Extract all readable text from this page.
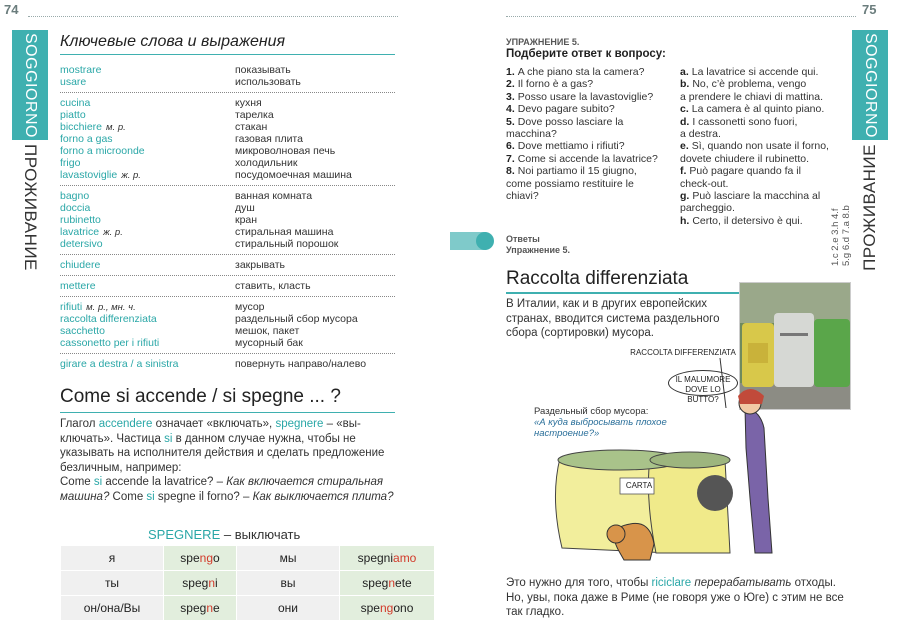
74
SOGGIORNO
ПРОЖИВАНИЕ
Ключевые слова и выражения
mostrare	показывать
usare	использовать
cucina	кухня
piatto	тарелка
bicchiere м. р.	стакан
forno a gas	газовая плита
forno a microonde	микроволновая печь
frigo	холодильник
lavastoviglie ж. р.	посудомоечная машина
bagno	ванная комната
doccia	душ
rubinetto	кран
lavatrice ж. р.	стиральная машина
detersivo	стиральный порошок
chiudere	закрывать
mettere	ставить, класть
rifiuti м. р., мн. ч.	мусор
raccolta differenziata	раздельный сбор мусора
sacchetto	мешок, пакет
cassonetto per i rifiuti	мусорный бак
girare a destra / a sinistra	повернуть направо/налево
Come si accende / si spegne ... ?
Глагол accendere означает «включать», spegnere – «вы-ключать». Частица si в данном случае нужна, чтобы не указывать на исполнителя действия и сделать предложение безличным, например:
Come si accende la lavatrice? – Как включается стиральная машина? Come si spegne il forno? – Как выключается плита?
SPEGNERE – выключать
я	spengo	мы	spegniamo
ты	spegni	вы	spegnete
он/она/Вы	spegne	они	spengono
75
SOGGIORNO
ПРОЖИВАНИЕ
УПРАЖНЕНИЕ 5.
Подберите ответ к вопросу:
1. A che piano sta la camera?
2. Il forno è a gas?
3. Posso usare la lavastoviglie?
4. Devo pagare subito?
5. Dove posso lasciare la
macchina?
6. Dove mettiamo i rifiuti?
7. Come si accende la lavatrice?
8. Noi partiamo il 15 giugno,
come possiamo restituire le
chiavi?
a. La lavatrice si accende qui.
b. No, c’è problema, vengo
a prendere le chiavi di mattina.
c. La camera è al quinto piano.
d. I cassonetti sono fuori,
a destra.
e. Sì, quando non usate il forno,
dovete chiudere il rubinetto.
f. Può pagare quando fa il
check-out.
g. Può lasciare la macchina al
parcheggio.
h. Certo, il detersivo è qui.
Ответы
Упражнение 5.	1.c 2.e 3.h 4.f 5.g 6.d 7.a 8.b
Raccolta differenziata
В Италии, как и в других европейских странах, вводится система раздельного сбора (сортировки) мусора.
RACCOLTA DIFFERENZIATA
IL MALUMORE DOVE LO BUTTO?
CARTA
Раздельный сбор мусора:
«А куда выбросывать плохое настроение?»
Это нужно для того, чтобы riciclare перерабатывать отходы. Но, увы, пока даже в Риме (не говоря уже о Юге) с этим не все так гладко.
